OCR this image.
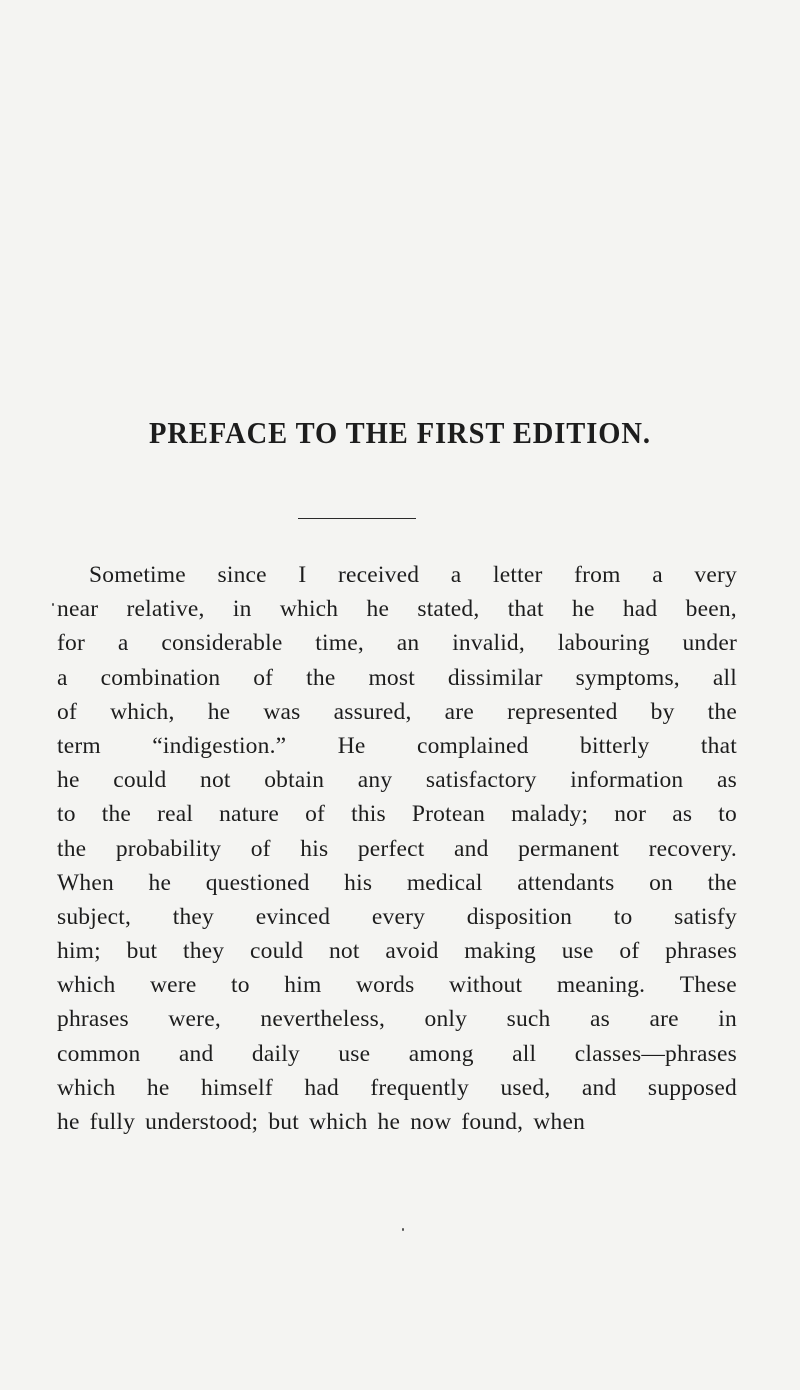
PREFACE TO THE FIRST EDITION.
Sometime since I received a letter from a very
near relative, in which he stated, that he had been,
for a considerable time, an invalid, labouring under
a combination of the most dissimilar symptoms, all
of which, he was assured, are represented by the
term “indigestion.” He complained bitterly that
he could not obtain any satisfactory information as
to the real nature of this Protean malady; nor as to
the probability of his perfect and permanent recovery.
When he questioned his medical attendants on the
subject, they evinced every disposition to satisfy
him; but they could not avoid making use of phrases
which were to him words without meaning. These
phrases were, nevertheless, only such as are in
common and daily use among all classes—phrases
which he himself had frequently used, and supposed
he fully understood; but which he now found, when
